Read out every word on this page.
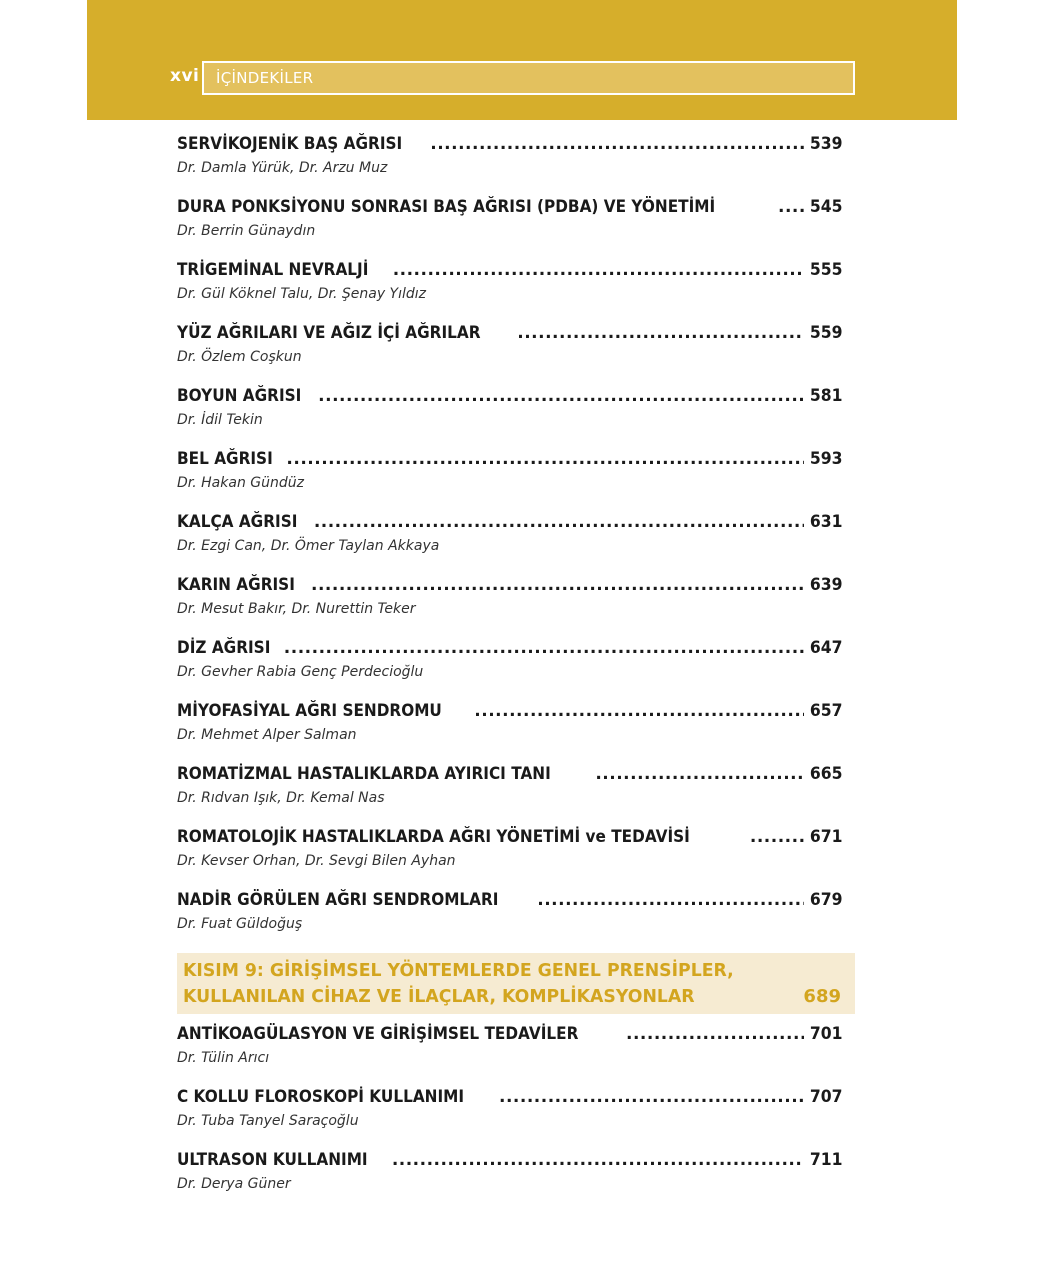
xvi İÇİNDEKİLER
SERVİKOJENİK BAŞ AĞRISI .....	539
Dr. Damla Yürük, Dr. Arzu Muz
DURA PONKSİYONU SONRASI BAŞ AĞRISI (PDBA) VE YÖNETİMİ .....	545
Dr. Berrin Günaydın
TRİGEMİNAL NEVRALJİ .....	555
Dr. Gül Köknel Talu, Dr. Şenay Yıldız
YÜZ AĞRILARI VE AĞIZ İÇİ AĞRILAR .....	559
Dr. Özlem Coşkun
BOYUN AĞRISI .....	581
Dr. İdil Tekin
BEL AĞRISI .....	593
Dr. Hakan Gündüz
KALÇA AĞRISI .....	631
Dr. Ezgi Can, Dr. Ömer Taylan Akkaya
KARIN AĞRISI .....	639
Dr. Mesut Bakır, Dr. Nurettin Teker
DİZ AĞRISI .....	647
Dr. Gevher Rabia Genç Perdecioğlu
MİYOFASİYAL AĞRI SENDROMU .....	657
Dr. Mehmet Alper Salman
ROMATİZMAL HASTALIKLARDA AYIRICI TANI .....	665
Dr. Rıdvan Işık, Dr. Kemal Nas
ROMATOLOJİK HASTALIKLARDA AĞRI YÖNETİMİ ve TEDAVİSİ .....	671
Dr. Kevser Orhan, Dr. Sevgi Bilen Ayhan
NADİR GÖRÜLEN AĞRI SENDROMLARI .....	679
Dr. Fuat Güldoğuş
ANTİKOAGÜLASYON VE GİRİŞİMSEL TEDAVİLER .....	701
Dr. Tülin Arıcı
C KOLLU FLOROSKOPİ KULLANIMI .....	707
Dr. Tuba Tanyel Saraçoğlu
ULTRASON KULLANIMI .....	711
Dr. Derya Güner
KISIM 9: GİRİŞİMSEL YÖNTEMLERDE GENEL PRENSİPLER,
KULLANILAN CİHAZ VE İLAÇLAR, KOMPLİKASYONLAR	689
